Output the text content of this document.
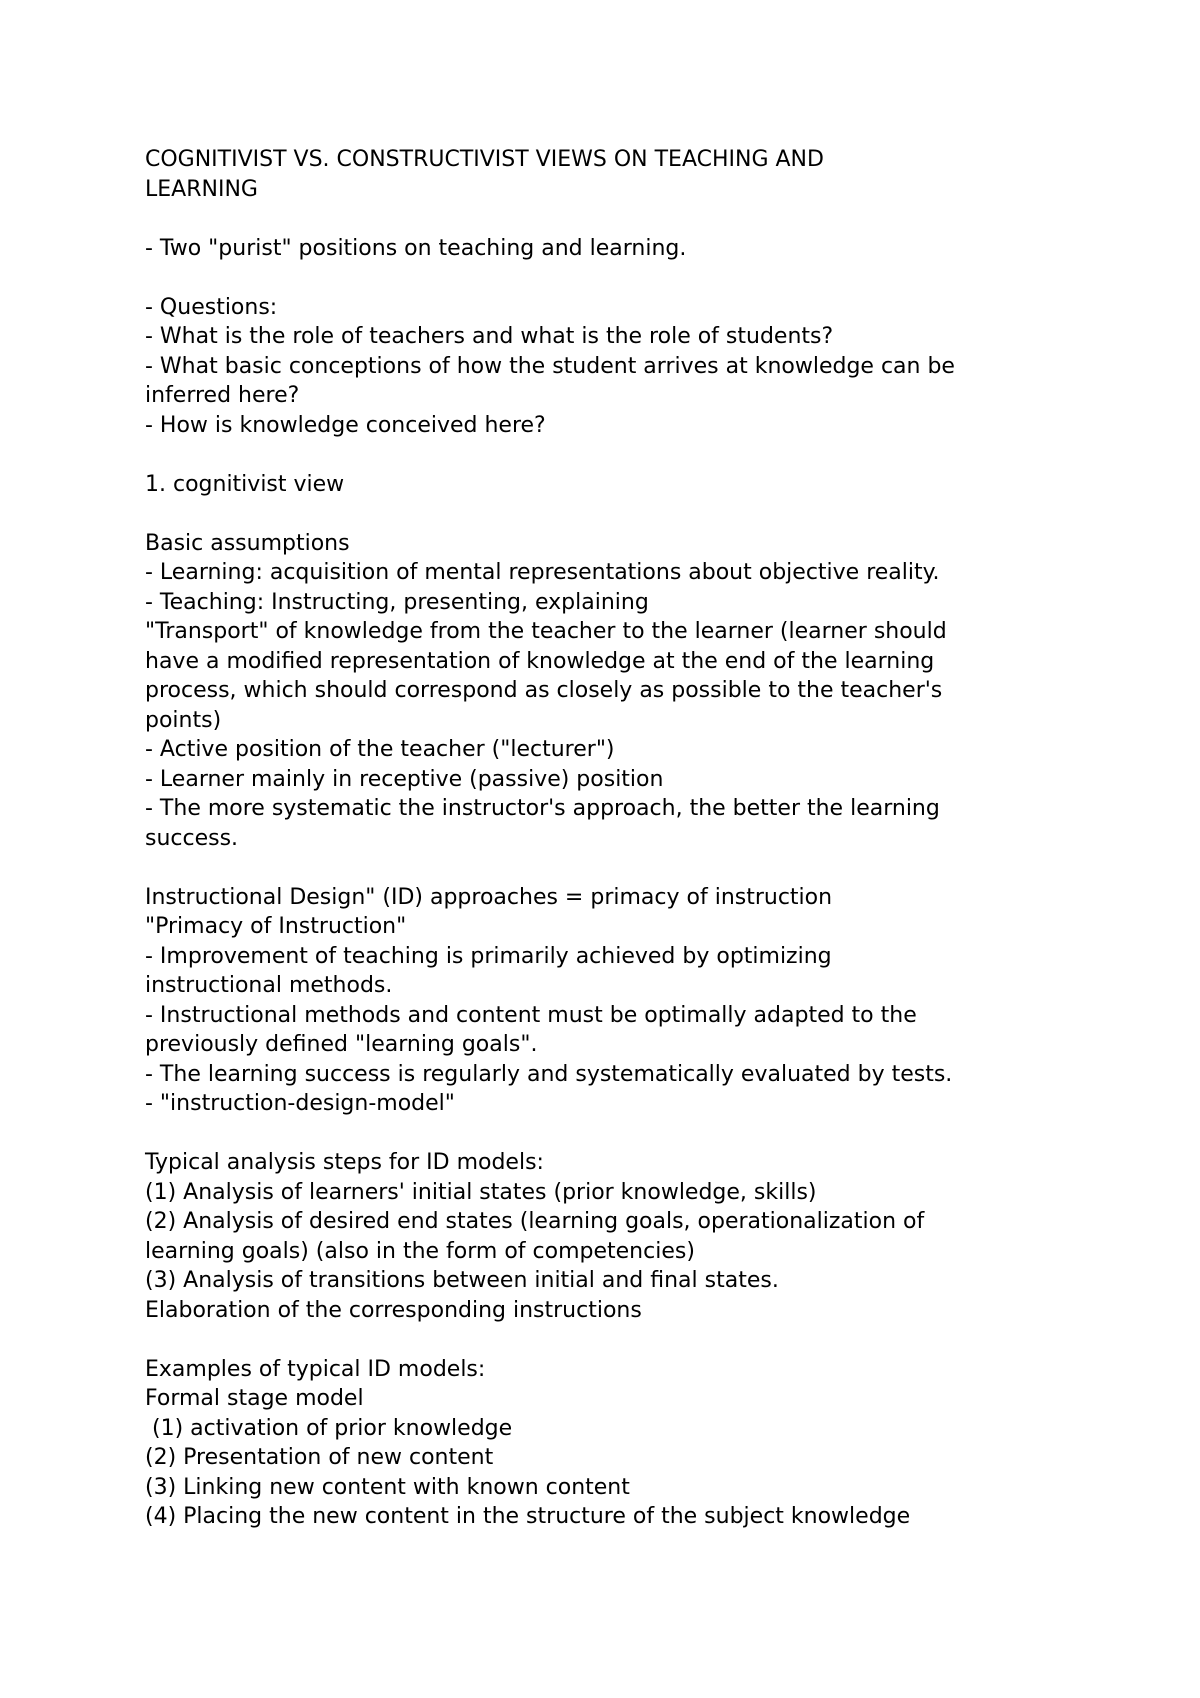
COGNITIVIST VS. CONSTRUCTIVIST VIEWS ON TEACHING AND
LEARNING
- Two "purist" positions on teaching and learning.
- Questions:
- What is the role of teachers and what is the role of students?
- What basic conceptions of how the student arrives at knowledge can be
inferred here?
- How is knowledge conceived here?
1. cognitivist view
Basic assumptions
- Learning: acquisition of mental representations about objective reality.
- Teaching: Instructing, presenting, explaining
"Transport" of knowledge from the teacher to the learner (learner should
have a modified representation of knowledge at the end of the learning
process, which should correspond as closely as possible to the teacher's
points)
- Active position of the teacher ("lecturer")
- Learner mainly in receptive (passive) position
- The more systematic the instructor's approach, the better the learning
success.
Instructional Design" (ID) approaches = primacy of instruction
"Primacy of Instruction"
- Improvement of teaching is primarily achieved by optimizing
instructional methods.
- Instructional methods and content must be optimally adapted to the
previously defined "learning goals".
- The learning success is regularly and systematically evaluated by tests.
- "instruction-design-model"
Typical analysis steps for ID models:
(1) Analysis of learners' initial states (prior knowledge, skills)
(2) Analysis of desired end states (learning goals, operationalization of
learning goals) (also in the form of competencies)
(3) Analysis of transitions between initial and final states.
Elaboration of the corresponding instructions
Examples of typical ID models:
Formal stage model
(1) activation of prior knowledge
(2) Presentation of new content
(3) Linking new content with known content
(4) Placing the new content in the structure of the subject knowledge
